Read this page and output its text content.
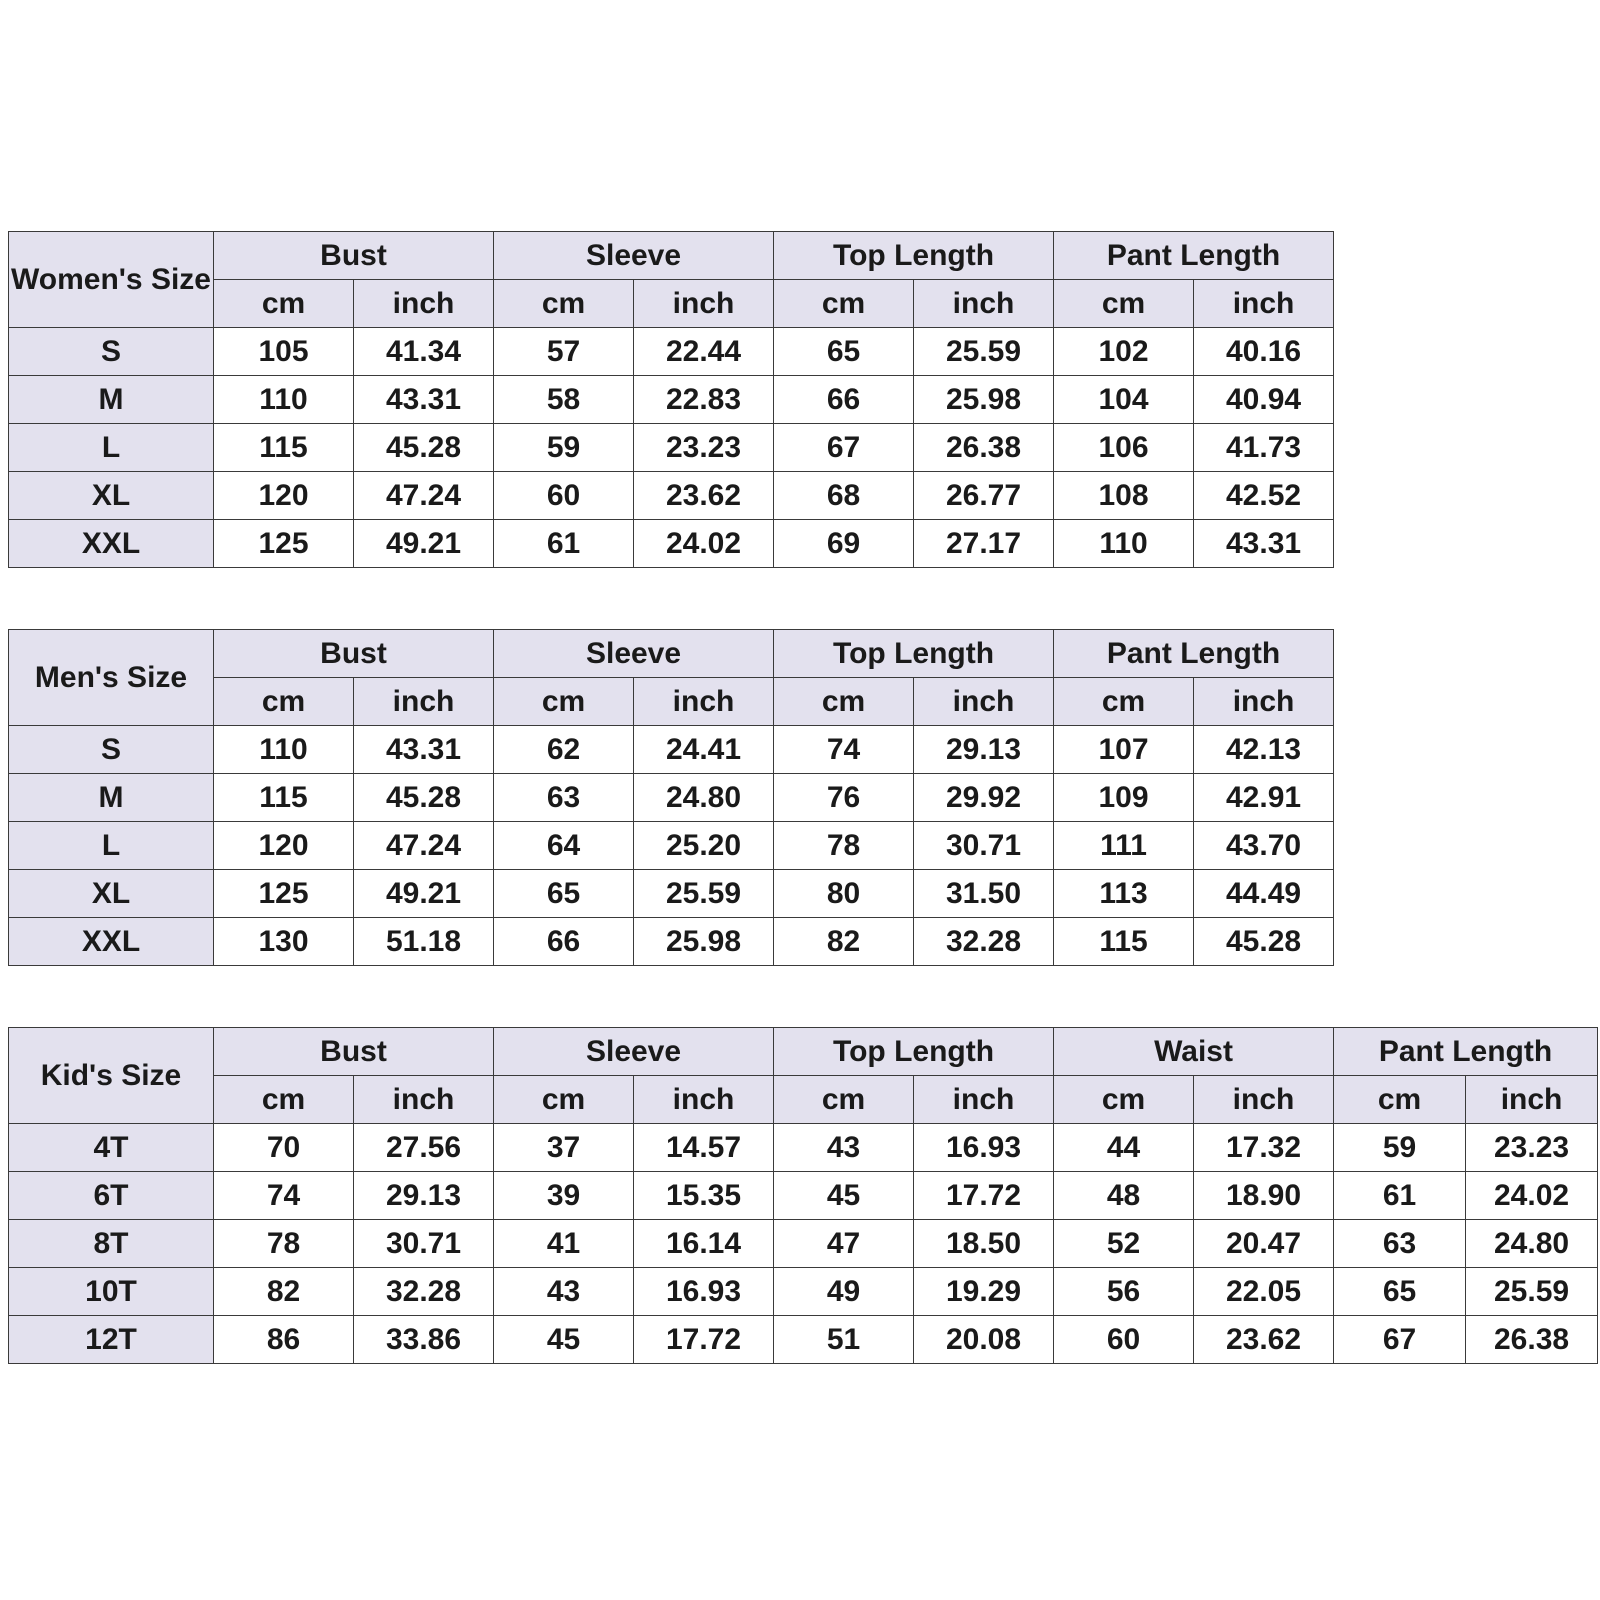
Women's Size	Bust		Sleeve		Top Length		Pant Length	
	cm	inch	cm	inch	cm	inch	cm	inch
S	105	41.34	57	22.44	65	25.59	102	40.16
M	110	43.31	58	22.83	66	25.98	104	40.94
L	115	45.28	59	23.23	67	26.38	106	41.73
XL	120	47.24	60	23.62	68	26.77	108	42.52
XXL	125	49.21	61	24.02	69	27.17	110	43.31
Men's Size	Bust		Sleeve		Top Length		Pant Length	
	cm	inch	cm	inch	cm	inch	cm	inch
S	110	43.31	62	24.41	74	29.13	107	42.13
M	115	45.28	63	24.80	76	29.92	109	42.91
L	120	47.24	64	25.20	78	30.71	111	43.70
XL	125	49.21	65	25.59	80	31.50	113	44.49
XXL	130	51.18	66	25.98	82	32.28	115	45.28
Kid's Size	Bust		Sleeve		Top Length		Waist		Pant Length	
	cm	inch	cm	inch	cm	inch	cm	inch	cm	inch
4T	70	27.56	37	14.57	43	16.93	44	17.32	59	23.23
6T	74	29.13	39	15.35	45	17.72	48	18.90	61	24.02
8T	78	30.71	41	16.14	47	18.50	52	20.47	63	24.80
10T	82	32.28	43	16.93	49	19.29	56	22.05	65	25.59
12T	86	33.86	45	17.72	51	20.08	60	23.62	67	26.38
